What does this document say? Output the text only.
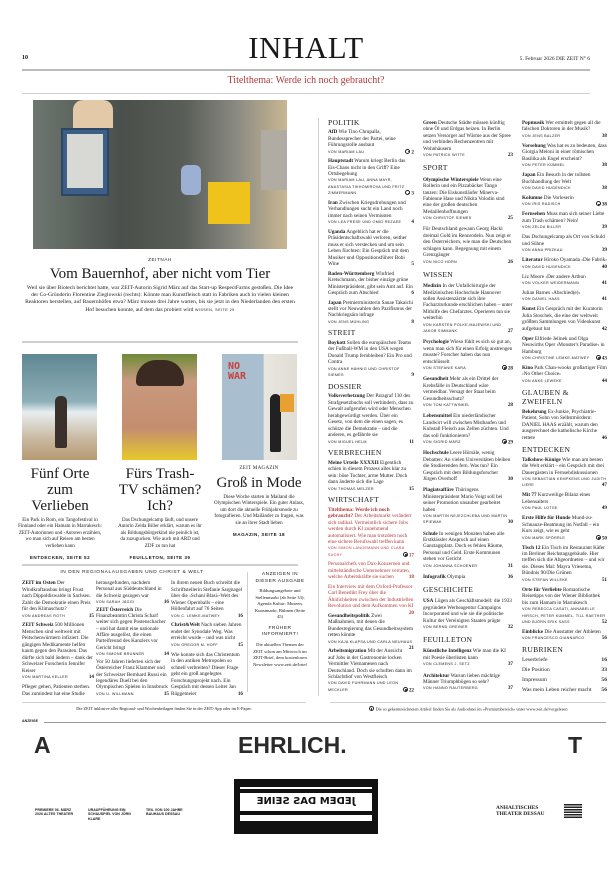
10	INHALT	5. Februar 2026 DIE ZEIT N° 6
Titelthema: Werde ich noch gebraucht?
ZEITNAH
Vom Bauernhof, aber nicht vom Tier
Weil sie über Biotech berichtet hatte, war ZEIT-Autorin Sigrid März auf das Start-up RespectFarms gestoßen. Die Idee der Co-Gründerin Florentine Zieglowski (rechts): Könnte man Kunstfleisch statt in Fabriken auch in vielen kleinen Reaktoren herstellen, auf Bauernhöfen etwa? März musste drei Jahre warten, bis sie jetzt in den Niederlanden den ersten Hof besuchen konnte, auf dem das probiert wird WISSEN, SEITE 29
NO
WAR
Fünf Orte zum Verlieben
Ein Park in Rom, ein Tangofestival in Finnland oder ein Hamam in Marrakesch: ZEIT-Autorinnen und -Autoren erzählen, wo man sich auf Reisen am besten verlieben kann
ENTDECKEN, SEITE 52
Fürs Trash-TV schämen? Ich?
Das Dschungelcamp läuft, und unsere Autorin Zelda Biller erklärt, warum es ihr als Bildungsbürgerkind nie peinlich ist, da zuzugucken. Wie auch mit ARD und ZDF zu tun hat
FEUILLETON, SEITE 39
ZEIT MAGAZIN
Groß in Mode
Diese Woche starten in Mailand die Olympischen Winterspiele. Ein guter Anlass, um dort die aktuelle Frühjahrsmode zu fotografieren. Und Mailänder zu fragen, was sie an ihrer Stadt lieben
MAGAZIN, SEITE 18
IN DEN REGIONALAUSGABEN UND CHRIST & WELT
ZEIT im Osten Der Windkraftausbau bringt Frust nach Dippoldiswalde in Sachsen. Zahlt die Demokratie einen Preis für den Klimaschutz?
VON ANDREAS ROTH	15
ZEIT Schweiz 500 Millionen Menschen sind weltweit mit Peitschenwürmern infiziert. Die gängigen Medikamente helfen kaum gegen den Parasiten. Das dürfte sich bald ändern – dank der Schweizer Forscherin Jennifer Keiser
VON MARTINA KELLER	14
Pfleger gehen, Patienten sterben. Das zumindest hat eine Studie
herausgefunden, nachdem Personal aus Süddeutschland in die Schweiz gezogen war
VON SARAH JÄGGI	16
ZEIT Österreich Die Finanzbeamtin Christa Scharf weiter sich gegen Postenschacher – und hat damit eine nationale Affäre ausgelöst, die einen Parteifreund des Kanzlers vor Gericht bringt
VON SIMONE BRUNNER	14
Vor 50 Jahren lieferten sich der Österreicher Franz Klammer und der Schweizer Bernhard Russi ein legendäres Duell bei den Olympischen Spielen in Innsbruck
VON U. WILLMANN	15
In ihrem neuen Buch schreibt die Schriftstellerin Stefanie Sargnagel über die ›Schani Blasi‹-Welt des Wiener Opernballs – eine Höllenfahrt auf 76 Seiten
VON C. LEMKE-MATWEY	16
Christ&Welt Nach sieben Jahren endet der Synodale Weg. Was erreicht wurde – und was nicht
VON GREGOR M. HOFF	15
Wie konnte sich das Christentum in den antiken Metropolen so schnell verbreiten? Dieser Frage geht ein groß angelegtes Forschungsprojekt nach. Ein Gespräch mit dessen Leiter Jan Rüggemeier	16
ANZEIGEN IN DIESER AUSGABE
Bildungsangebote und Stellenmarkt (ab Seite 33); Agenda Kultur: Museen, Kunstmarkt, Bühnen (Seite 45)
FRÜHER INFORMIERT!
Die aktuellen Themen der ZEIT schon am Mittwoch im ZEIT-Brief, dem kostenlosen Newsletter www.zeit.de/brief
POLITIK
AfD Wie Tino Chrupalla, Bundessprecher der Partei, seine Führungsrolle ausbaut
VON MARIAM LAU	2
Hauptstadt Warum kriegt Berlin das Eis-Chaos nicht in den Griff? Eine Ortsbegehung
VON MARIAM LAU, ANNA MAYR, ANASTASIA TIKHOMIROVA UND FRITZ ZIMMERMANN	3
Iran Zwischen Kriegsdrohungen und Verhandlungen sucht ein Land noch immer nach seinen Vermissten
VON LEA FRESE UND OMID REZAEE 4
Uganda Angeblich hat er die Präsidentschaftswahl verloren, seither muss er sich verstecken und um sein Leben fürchten: Ein Gespräch mit dem Musiker und Oppositionsführer Bobi Wine	5
Baden-Württemberg Winfried Kretschmann, der bisher einzige grüne Ministerpräsident, gibt sein Amt auf. Ein Gespräch zum Abschied	6
Japan Premierministerin Sanae Takaichi stellt vor Neuwahlen den Pazifismus der Nachkriegsära infrage
VON JENS MÜHLING	8
STREIT
Boykott Sollen die europäischen Teams der Fußball-WM in den USA wegen Donald Trump fernbleiben? Ein Pro und Contra
VON ANNE HÄHNIG UND CHRISTOF SIEMES	9
DOSSIER
Volksverhetzung Der Paragraf 130 des Strafgesetzbuchs soll verhindern, dass zu Gewalt aufgerufen wird oder Menschen herabgewürdigt werden. Über ein Gesetz, von dem die einen sagen, es schütze die Demokratie – und die anderen, es gefährde sie
VON MIGUEL HELM	11
VERBRECHEN
Meine Urteile XXXXII Eigentlich schien in diesem Prozess alles klar zu sein: böse Tochter, arme Mutter. Doch dann änderte sich die Lage
VON THOMAS MELZER	15
WIRTSCHAFT
Titelthema: Werde ich noch gebraucht? Der Arbeitsmarkt verändert sich radikal. Vermeintlich sichere Jobs werden durch KI zunehmend automatisiert. Wie man trotzdem noch eine sichere Berufswahl treffen kann
VON SIMON LANGEMANN UND CLARA SUCHY	17
Personalchefs von Dax-Konzernen und mittelständische Unternehmer verraten, welche Arbeitskräfte sie suchen	18
Ein Interview mit dem Oxford-Professor Carl Benedikt Frey über die Ähnlichkeiten zwischen der Industriellen Revolution und dem Aufkommen von KI
20
Gesundheitspolitik Zwei Maßnahmen, mit denen die Bundesregierung das Gesundheitssystem retten könnte
VON KAJA KLAPSA UND CARLA NEUHAUS
21
Arbeitsmigration Mit der Aussicht auf Jobs in der Gastronomie locken Vermittler Vietnamesen nach Deutschland. Doch sie schuften dann im Schlachthof von Westfleisch
VON DAVID FUHRMANN UND LEON MECKLER	22
Green Deutsche Städte müssen künftig ohne Öl und Erdgas heizen. In Berlin setzen Versorger auf Wärme aus der Spree und verbinden Rechenzentren mit Wohnhäusern
VON PATRICK WITTE	23
SPORT
Olympische Winterspiele Wenn eine Rollerin und ein Pizzabäcker Tango tanzen: Die Eiskunstläufer Minerva-Fabienne Hase und Nikita Volodin sind eine der großen deutschen Medaillenhoffnungen
VON CHRISTOF SIEMES	25
Für Deutschland gewann Georg Hackl dreimal Gold im Rennrodeln. Nun zeigt er den Österreichern, wie man die Deutschen schlagen kann. Begegnung mit einem Grenzgänger
VON NICO HORN	26
WISSEN
Medizin In der Unfallchirurgie der Medizinischen Hochschule Hannover sollen Assistenzärzte sich ihre Facharzturkunde erschlichen haben – unter Mithilfe des Chefarztes. Operieren tun sie weiterhin
VON KARSTEN POLKE-MAJEWSKI UND JAKOB SIMMANK	27
Psychologie Wieso fühlt es sich so gut an, wenn man sich für einen Erfolg anstrengen musste? Forscher haben das nun entschlüsselt
VON STEFANIE KARA	28
Gesundheit Mehr als ein Drittel der Krebsfälle in Deutschland wäre vermeidbar. Versagt der Staat beim Gesundheitsschutz?
VON TOM KATTWINKEL	28
Lebensmittel Ein niederländischer Landwirt will zwischen Misthaufen und Kuhstall Fleisch aus Zellen züchten. Und das soll funktionieren?
VON SIGRID MÄRZ	29
Hochschule Leere Hörsäle, wenig Debatten: An vielen Universitäten bleiben die Studierenden fern. Was tun? Ein Gespräch mit dem Bildungsforscher Jürgen Overhoff	30
Plagiatsaffäre Thüringens Ministerpräsident Mario Voigt soll bei seiner Promotion unsauber gearbeitet haben
VON MARTIN NEJEZCHLEBA UND MARTIN SPIEWAK	30
Schule In wenigen Monaten haben alle Erstklässler Anspruch auf einen Ganztagsplatz. Doch es fehlen Räume, Personal und Geld. Erste Kommunen stehen vor Gericht
VON JOHANNA SCHOENER	31
Infografik Olympia	36
GESCHICHTE
USA Lügen als Geschäftsmodell: die 1933 gegründete Werbeagentur Campaigns Incorporated und wie sie die politische Kultur der Vereinigten Staaten prägte
VON BERND GREINER	32
FEUILLETON
Künstliche Intelligenz Wie man die KI mit Poesie überlisten kann
VON CLEMENS J. SETZ	37
Architektur Warum lieben mächtige Männer Triumphbögen so sehr?
VON HANNO RAUTERBERG	37
Popmusik Wer ermittelt gegen all die falschen Doktoren in der Musik?
VON JENS BALZER	38
Vorsehung Was hat es zu bedeuten, dass Giorgia Meloni in einer römischen Basilika als Engel erscheint?
VON PETER KÜMMEL	38
Japan Ein Besuch in der tollsten Buchhandlung der Welt
VON DAVID HUGENDICK	38
Kolumne Die Vorleserin
VON IRIS RADISCH	38
Fernsehen Muss man sich seiner Liebe zum Trash schämen? Nein!
VON ZELDA BILLER	39
Das Dschungelcamp als Ort von Schuld und Sühne
VON ANNA PRIZKAU	39
Literatur Hiroko Oyamada ›Die Fabrik‹
VON DAVID HUGENDICK	40
Liz Moore ›Der andere Arthur‹
VON VOLKER WEIDERMANN	41
Julian Barnes ›Abschied(e)‹
VON DANIEL HAAS	41
Kunst Ein Gespräch mit der Kuratorin Julia Stoschek, die eine der weltweit größten Sammlungen von Videokunst aufgebaut hat	42
Oper Elfriede Jelinek und Olga Neuwirths Oper ›Monster's Paradise‹ in Hamburg
VON CHRISTINE LEMKE-MATWEY	43
Kino Park Chan-wooks großartiger Film ›No Other Choice‹
VON ANKE LEWEKE	44
GLAUBEN & ZWEIFELN
Bekehrung Ex-Junkie, Psychiatrie-Patient, Sohn von Selbstmördern: DANIEL HAAS erzählt, warum den ausgerechnet die katholische Kirche rettete	46
ENTDECKEN
Talkshow-Könige Wie man am besten die Welt erklärt – ein Gespräch mit drei Dauergästen in Fernsehdiskussionen
VON SEBASTIAN KEMPKENS UND JUDITH LIERE	47
Mit 77 Kurzweilige Bilanz eines Lebensalters
VON PAUL LÜTGE	49
Erste Hilfe für Hunde Mund-zu-Schnauze-Beatmung im Notfall – ein Kurs zeigt, wie es geht
VON MARK SPÖRRLE	50
Tisch 12 Ein Tisch im Restaurant Käfer im Berliner Reichstagsgebäude. Hier treffen sich die Abgeordneten – und wir sie. Dieses Mal: Mayra Vriesema, Bündnis 90/Die Grünen
VON STEFAN WILLEKE	51
Orte für Verliebte Romantische Reisetipps von der Wiener Bibliothek bis zum Hamam in Marrakesch
VON REBECCA CASATI, ANNABELLE HIRSCH, PETER KÜMMEL, TILL RAETHER UND BJÖRN ERIK SASS	52
Einblicke Die Ausstatter der Athleten
VON FRANCESCO GIANNARCO	56
RUBRIKEN
Leserbriefe	16
Die Position	33
Impressum	56
Was mein Leben reicher macht 56
Die ZEIT inklusive aller Regional- und Wochenbeilagen finden Sie in der ZEIT-App oder im E-Paper.	Die so gekennzeichneten Artikel finden Sie als Audiodatei im »Premiumbereich« unter www.zeit.de/vorgelesen
ANZEIGE
A	EHRLICH.	T
PREMIERE 06. MÄRZ 2026 ALTES THEATER
URAUFFÜHRUNG EIN SCHAUSPIEL VON JÖRN KLARE
TEIL VON 100 JAHRE BAUHAUS DESSAU
JEDEM DAS SEINE
ANHALTISCHES THEATER DESSAU
